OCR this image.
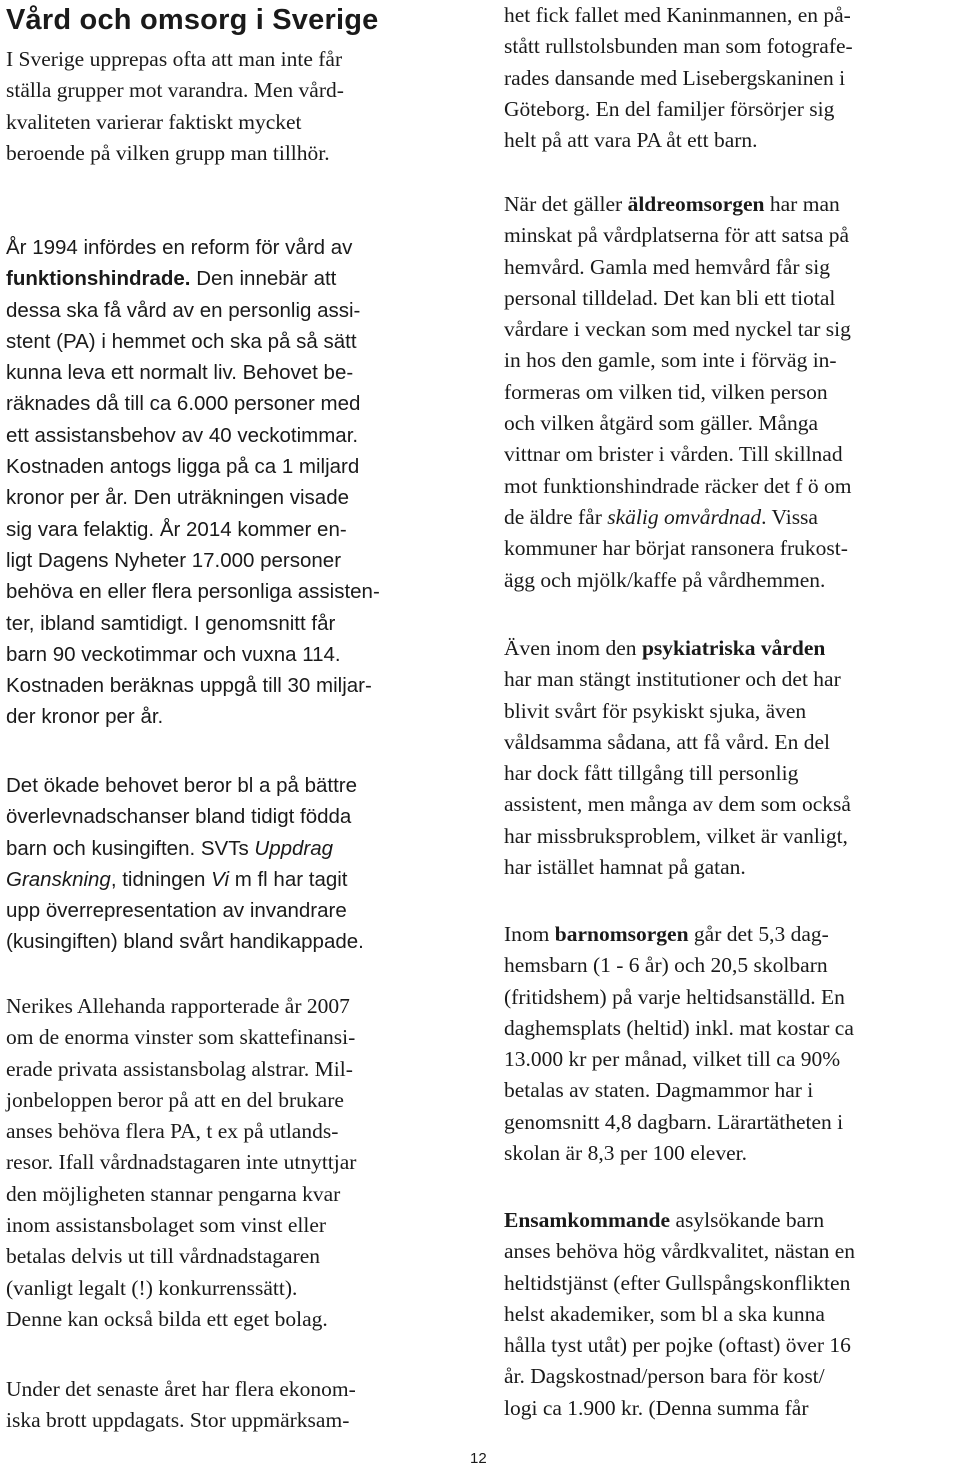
Vård och omsorg i Sverige
I Sverige upprepas ofta att man inte får
ställa grupper mot varandra. Men vård-
kvaliteten varierar faktiskt mycket
beroende på vilken grupp man tillhör.
År 1994 infördes en reform för vård av
funktionshindrade. Den innebär att
dessa ska få vård av en personlig assi-
stent (PA) i hemmet och ska på så sätt
kunna leva ett normalt liv. Behovet be-
räknades då till ca 6.000 personer med
ett assistansbehov av 40 veckotimmar.
Kostnaden antogs ligga på ca 1 miljard
kronor per år. Den uträkningen visade
sig vara felaktig. År 2014 kommer en-
ligt Dagens Nyheter 17.000 personer
behöva en eller flera personliga assisten-
ter, ibland samtidigt. I genomsnitt får
barn 90 veckotimmar och vuxna 114.
Kostnaden beräknas uppgå till 30 miljar-
der kronor per år.
Det ökade behovet beror bl a på bättre
överlevnadschanser bland tidigt födda
barn och kusingiften. SVTs Uppdrag
Granskning, tidningen Vi m fl har tagit
upp överrepresentation av invandrare
(kusingiften) bland svårt handikappade.
Nerikes Allehanda rapporterade år 2007
om de enorma vinster som skattefinansi-
erade privata assistansbolag alstrar. Mil-
jonbeloppen beror på att en del brukare
anses behöva flera PA, t ex på utlands-
resor. Ifall vårdnadstagaren inte utnyttjar
den möjligheten stannar pengarna kvar
inom assistansbolaget som vinst eller
betalas delvis ut till vårdnadstagaren
(vanligt legalt (!) konkurrenssätt).
Denne kan också bilda ett eget bolag.
Under det senaste året har flera ekonom-
iska brott uppdagats. Stor uppmärksam-
het fick fallet med Kaninmannen, en på-
stått rullstolsbunden man som fotografe-
rades dansande med Lisebergskaninen i
Göteborg. En del familjer försörjer sig
helt på att vara PA åt ett barn.
När det gäller äldreomsorgen har man
minskat på vårdplatserna för att satsa på
hemvård. Gamla med hemvård får sig
personal tilldelad. Det kan bli ett tiotal
vårdare i veckan som med nyckel tar sig
in hos den gamle, som inte i förväg in-
formeras om vilken tid, vilken person
och vilken åtgärd som gäller. Många
vittnar om brister i vården. Till skillnad
mot funktionshindrade räcker det f ö om
de äldre får skälig omvårdnad. Vissa
kommuner har börjat ransonera frukost-
ägg och mjölk/kaffe på vårdhemmen.
Även inom den psykiatriska vården
har man stängt institutioner och det har
blivit svårt för psykiskt sjuka, även
våldsamma sådana, att få vård. En del
har dock fått tillgång till personlig
assistent, men många av dem som också
har missbruksproblem, vilket är vanligt,
har istället hamnat på gatan.
Inom barnomsorgen går det 5,3 dag-
hemsbarn (1 - 6 år) och 20,5 skolbarn
(fritidshem) på varje heltidsanställd. En
daghemsplats (heltid) inkl. mat kostar ca
13.000 kr per månad, vilket till ca 90%
betalas av staten. Dagmammor har i
genomsnitt 4,8 dagbarn. Lärartätheten i
skolan är 8,3 per 100 elever.
Ensamkommande asylsökande barn
anses behöva hög vårdkvalitet, nästan en
heltidstjänst (efter Gullspångskonflikten
helst akademiker, som bl a ska kunna
hålla tyst utåt) per pojke (oftast) över 16
år. Dagskostnad/person bara för kost/
logi ca 1.900 kr. (Denna summa får
12
